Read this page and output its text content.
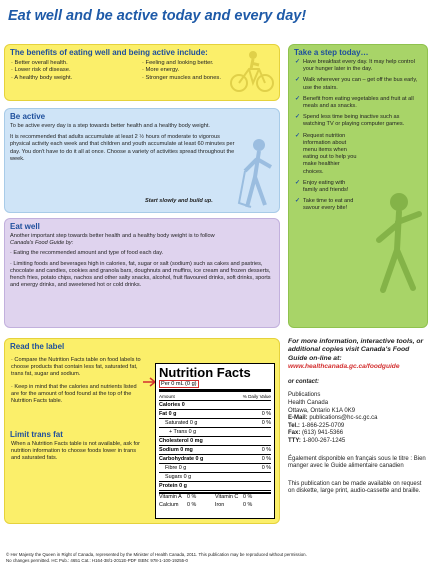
Eat well and be active today and every day!
The benefits of eating well and being active include:
· Better overall health.
· Lower risk of disease.
· A healthy body weight.
· Feeling and looking better.
· More energy.
· Stronger muscles and bones.
Be active

To be active every day is a step towards better health and a healthy body weight.

It is recommended that adults accumulate at least 2 ½ hours of moderate to vigorous physical activity each week and that children and youth accumulate at least 60 minutes per day. You don't have to do it all at once. Choose a variety of activities spread throughout the week.

Start slowly and build up.
Eat well
Another important step towards better health and a healthy body weight is to follow
Canada's Food Guide by:
· Eating the recommended amount and type of food each day.
· Limiting foods and beverages high in calories, fat, sugar or salt (sodium) such as cakes and pastries, chocolate and candies, cookies and granola bars, doughnuts and muffins, ice cream and frozen desserts, french fries, potato chips, nachos and other salty snacks, alcohol, fruit flavoured drinks, soft drinks, sports and energy drinks, and sweetened hot or cold drinks.
Take a step today…
✓ Have breakfast every day. It may help control your hunger later in the day.
✓ Walk wherever you can – get off the bus early, use the stairs.
✓ Benefit from eating vegetables and fruit at all meals and as snacks.
✓ Spend less time being inactive such as watching TV or playing computer games.
✓ Request nutrition information about menu items when eating out to help you make healthier choices.
✓ Enjoy eating with family and friends!
✓ Take time to eat and savour every bite!
Read the label

· Compare the Nutrition Facts table on food labels to choose products that contain less fat, saturated fat, trans fat, sugar and sodium.

· Keep in mind that the calories and nutrients listed are for the amount of food found at the top of the Nutrition Facts table.

Limit trans fat
When a Nutrition Facts table is not available, ask for nutrition information to choose foods lower in trans and saturated fats.
Nutrition Facts
Per 0 mL (0 g)
Amount	% Daily Value
Calories 0
Fat 0 g	0 %
Saturated 0 g	0 %
+ Trans 0 g
Cholesterol 0 mg
Sodium 0 mg	0 %
Carbohydrate 0 g	0 %
Fibre 0 g	0 %
Sugars 0 g
Protein 0 g
Vitamin A 0 %	Vitamin C 0 %
Calcium	0 %	Iron	0 %
For more information, interactive tools, or additional copies visit Canada's Food Guide on-line at:
www.healthcanada.gc.ca/foodguide
or contact:
Publications
Health Canada
Ottawa, Ontario K1A 0K9
E-Mail: publications@hc-sc.gc.ca
Tel.: 1-866-225-0709
Fax: (613) 941-5366
TTY: 1-800-267-1245
Également disponible en français sous le titre : Bien manger avec le Guide alimentaire canadien
This publication can be made available on request on diskette, large print, audio-cassette and braille.
© Her Majesty the Queen in Right of Canada, represented by the Minister of Health Canada, 2011. This publication may be reproduced without permission.
No changes permitted. HC Pub.: 4651 Cat.: H164-38/1-2011E-PDF ISBN: 978-1-100-19255-0
